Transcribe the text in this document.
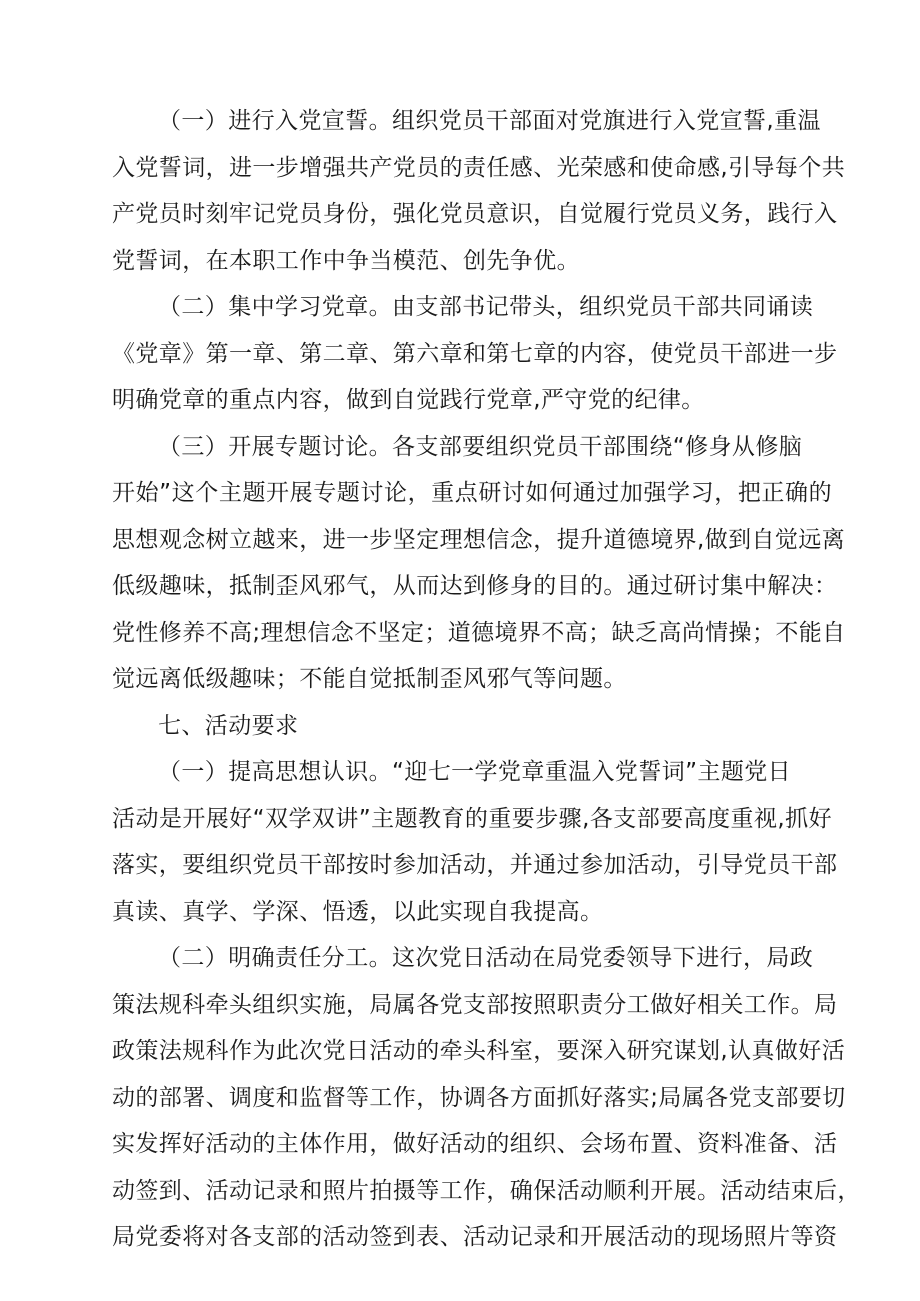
（一）进行入党宣誓。组织党员干部面对党旗进行入党宣誓,重温
入党誓词，进一步增强共产党员的责任感、光荣感和使命感,引导每个共
产党员时刻牢记党员身份，强化党员意识，自觉履行党员义务，践行入
党誓词，在本职工作中争当模范、创先争优。
（二）集中学习党章。由支部书记带头，组织党员干部共同诵读
《党章》第一章、第二章、第六章和第七章的内容，使党员干部进一步
明确党章的重点内容，做到自觉践行党章,严守党的纪律。
（三）开展专题讨论。各支部要组织党员干部围绕“修身从修脑
开始”这个主题开展专题讨论，重点研讨如何通过加强学习，把正确的
思想观念树立越来，进一步坚定理想信念，提升道德境界,做到自觉远离
低级趣味，抵制歪风邪气，从而达到修身的目的。通过研讨集中解决：
党性修养不高;理想信念不坚定；道德境界不高；缺乏高尚情操；不能自
觉远离低级趣味；不能自觉抵制歪风邪气等问题。
七、活动要求
（一）提高思想认识。“迎七一学党章重温入党誓词”主题党日
活动是开展好“双学双讲”主题教育的重要步骤,各支部要高度重视,抓好
落实，要组织党员干部按时参加活动，并通过参加活动，引导党员干部
真读、真学、学深、悟透，以此实现自我提高。
（二）明确责任分工。这次党日活动在局党委领导下进行，局政
策法规科牵头组织实施，局属各党支部按照职责分工做好相关工作。局
政策法规科作为此次党日活动的牵头科室，要深入研究谋划,认真做好活
动的部署、调度和监督等工作，协调各方面抓好落实;局属各党支部要切
实发挥好活动的主体作用，做好活动的组织、会场布置、资料准备、活
动签到、活动记录和照片拍摄等工作，确保活动顺利开展。活动结束后，
局党委将对各支部的活动签到表、活动记录和开展活动的现场照片等资
